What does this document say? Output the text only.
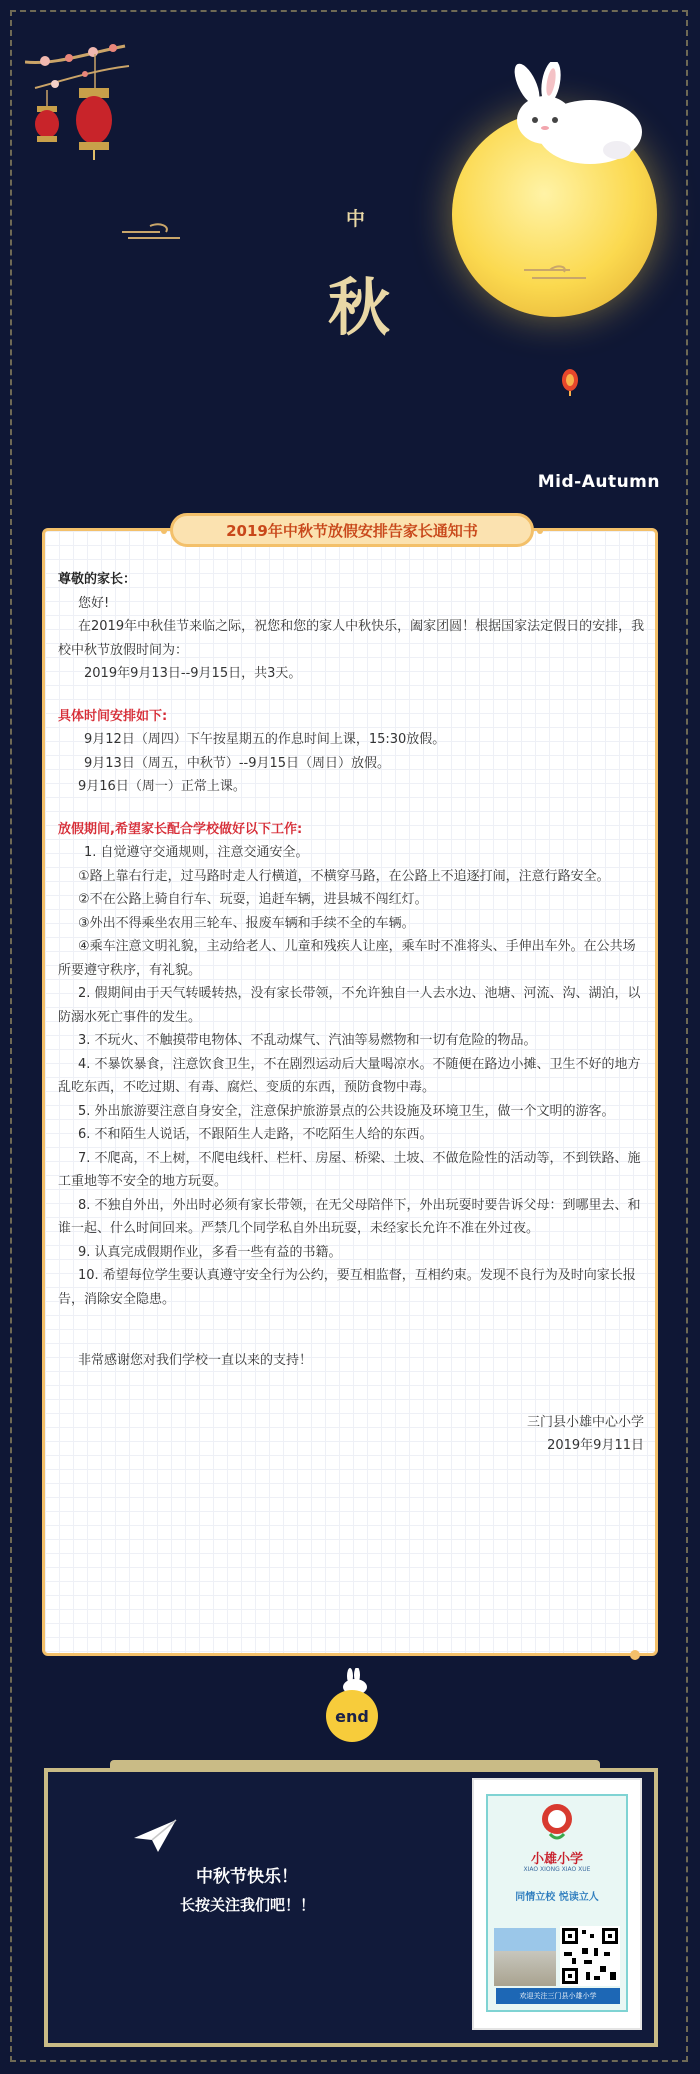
中
秋
Mid-Autumn
2019年中秋节放假安排告家长通知书

尊敬的家长：

您好!

在2019年中秋佳节来临之际，祝您和您的家人中秋快乐，阖家团圆！根据国家法定假日的安排，我校中秋节放假时间为：

2019年9月13日--9月15日，共3天。

具体时间安排如下:

9月12日（周四）下午按星期五的作息时间上课，15:30放假。

9月13日（周五，中秋节）--9月15日（周日）放假。

9月16日（周一）正常上课。

放假期间,希望家长配合学校做好以下工作:

1. 自觉遵守交通规则，注意交通安全。

①路上靠右行走，过马路时走人行横道，不横穿马路，在公路上不追逐打闹，注意行路安全。

②不在公路上骑自行车、玩耍，追赶车辆，进县城不闯红灯。

③外出不得乘坐农用三轮车、报废车辆和手续不全的车辆。

④乘车注意文明礼貌，主动给老人、儿童和残疾人让座，乘车时不准将头、手伸出车外。在公共场所要遵守秩序，有礼貌。

2. 假期间由于天气转暖转热，没有家长带领，不允许独自一人去水边、池塘、河流、沟、湖泊，以防溺水死亡事件的发生。

3. 不玩火、不触摸带电物体、不乱动煤气、汽油等易燃物和一切有危险的物品。

4. 不暴饮暴食，注意饮食卫生，不在剧烈运动后大量喝凉水。不随便在路边小摊、卫生不好的地方乱吃东西，不吃过期、有毒、腐烂、变质的东西，预防食物中毒。

5. 外出旅游要注意自身安全，注意保护旅游景点的公共设施及环境卫生，做一个文明的游客。

6. 不和陌生人说话，不跟陌生人走路，不吃陌生人给的东西。

7. 不爬高，不上树，不爬电线杆、栏杆、房屋、桥梁、土坡、不做危险性的活动等，不到铁路、施工重地等不安全的地方玩耍。

8. 不独自外出，外出时必须有家长带领，在无父母陪伴下，外出玩耍时要告诉父母：到哪里去、和谁一起、什么时间回来。严禁几个同学私自外出玩耍，未经家长允许不准在外过夜。

9. 认真完成假期作业，多看一些有益的书籍。

10. 希望每位学生要认真遵守安全行为公约，要互相监督，互相约束。发现不良行为及时向家长报告，消除安全隐患。

非常感谢您对我们学校一直以来的支持！

三门县小雄中心小学

2019年9月11日

end
中秋节快乐！
长按关注我们吧！！
小雄小学
XIAO XIONG XIAO XUE
同情立校 悦读立人
欢迎关注三门县小雄小学
